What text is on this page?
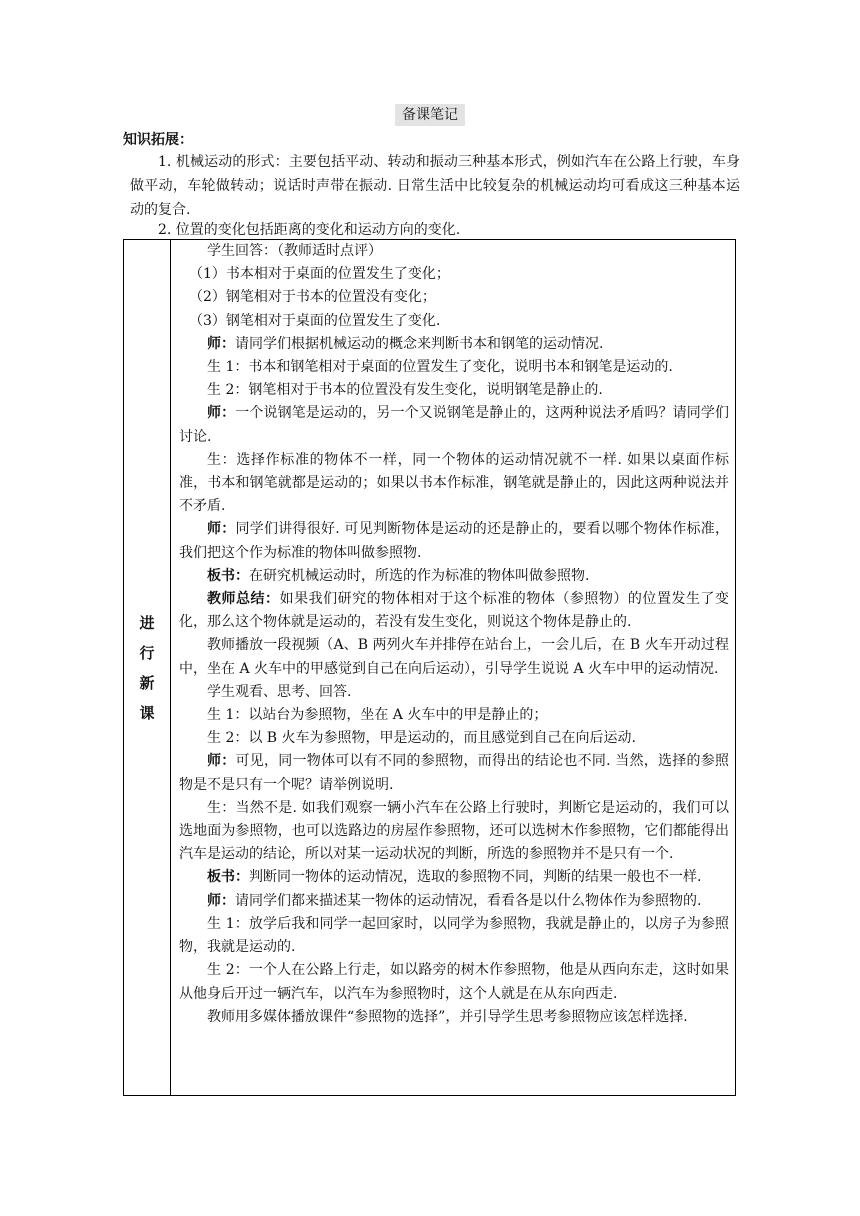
备课笔记
知识拓展：

1. 机械运动的形式：主要包括平动、转动和振动三种基本形式，例如汽车在公路上行驶，车身做平动，车轮做转动；说话时声带在振动. 日常生活中比较复杂的机械运动均可看成这三种基本运动的复合.

2. 位置的变化包括距离的变化和运动方向的变化.

进
行
新
课

学生回答：（教师适时点评）

（1）书本相对于桌面的位置发生了变化；

（2）钢笔相对于书本的位置没有变化；

（3）钢笔相对于桌面的位置发生了变化.

师：请同学们根据机械运动的概念来判断书本和钢笔的运动情况.

生 1：书本和钢笔相对于桌面的位置发生了变化，说明书本和钢笔是运动的.

生 2：钢笔相对于书本的位置没有发生变化，说明钢笔是静止的.

师：一个说钢笔是运动的，另一个又说钢笔是静止的，这两种说法矛盾吗？请同学们讨论.

生：选择作标准的物体不一样，同一个物体的运动情况就不一样. 如果以桌面作标准，书本和钢笔就都是运动的；如果以书本作标准，钢笔就是静止的，因此这两种说法并不矛盾.

师：同学们讲得很好. 可见判断物体是运动的还是静止的，要看以哪个物体作标准，我们把这个作为标准的物体叫做参照物.

板书：在研究机械运动时，所选的作为标准的物体叫做参照物.

教师总结：如果我们研究的物体相对于这个标准的物体（参照物）的位置发生了变化，那么这个物体就是运动的，若没有发生变化，则说这个物体是静止的.

教师播放一段视频（A、B 两列火车并排停在站台上，一会儿后，在 B 火车开动过程中，坐在 A 火车中的甲感觉到自己在向后运动），引导学生说说 A 火车中甲的运动情况.

学生观看、思考、回答.

生 1：以站台为参照物，坐在 A 火车中的甲是静止的；

生 2：以 B 火车为参照物，甲是运动的，而且感觉到自己在向后运动.

师：可见，同一物体可以有不同的参照物，而得出的结论也不同. 当然，选择的参照物是不是只有一个呢？请举例说明.

生：当然不是. 如我们观察一辆小汽车在公路上行驶时，判断它是运动的，我们可以选地面为参照物，也可以选路边的房屋作参照物，还可以选树木作参照物，它们都能得出汽车是运动的结论，所以对某一运动状况的判断，所选的参照物并不是只有一个.

板书：判断同一物体的运动情况，选取的参照物不同，判断的结果一般也不一样.

师：请同学们都来描述某一物体的运动情况，看看各是以什么物体作为参照物的.

生 1：放学后我和同学一起回家时，以同学为参照物，我就是静止的，以房子为参照物，我就是运动的.

生 2：一个人在公路上行走，如以路旁的树木作参照物，他是从西向东走，这时如果从他身后开过一辆汽车，以汽车为参照物时，这个人就是在从东向西走.

教师用多媒体播放课件“参照物的选择”，并引导学生思考参照物应该怎样选择.
